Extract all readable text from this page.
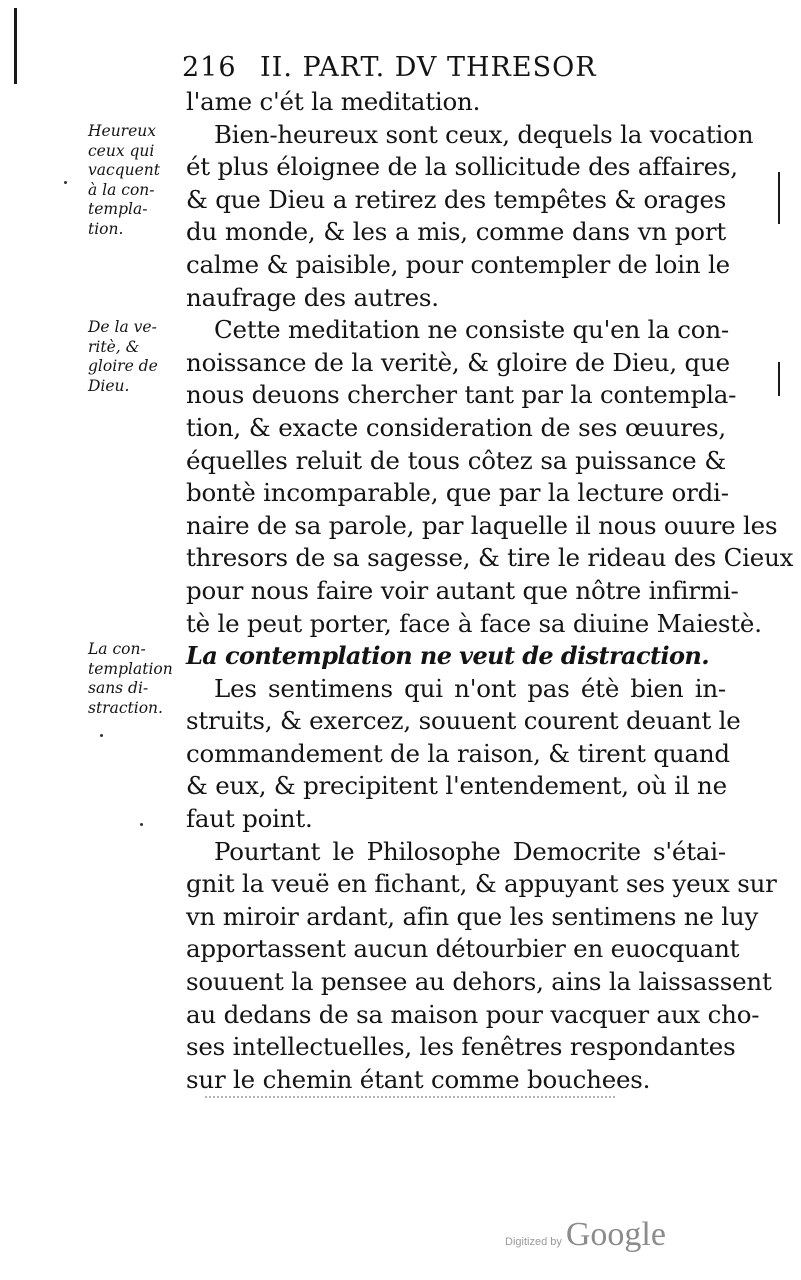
216 II. PART. DV THRESOR
Heureux
ceux qui
vacquent
à la con-
templa-
tion.
De la ve-
ritè, &
gloire de
Dieu.
La con-
templation
sans di-
straction.
l'ame c'ét la meditation.
Bien-heureux sont ceux, dequels la vocation
ét plus éloignee de la sollicitude des affaires,
& que Dieu a retirez des tempêtes & orages
du monde, & les a mis, comme dans vn port
calme & paisible, pour contempler de loin le
naufrage des autres.
Cette meditation ne consiste qu'en la con-
noissance de la veritè, & gloire de Dieu, que
nous deuons chercher tant par la contempla-
tion, & exacte consideration de ses œuures,
équelles reluit de tous côtez sa puissance &
bontè incomparable, que par la lecture ordi-
naire de sa parole, par laquelle il nous ouure les
thresors de sa sagesse, & tire le rideau des Cieux
pour nous faire voir autant que nôtre infirmi-
tè le peut porter, face à face sa diuine Maiestè.
La contemplation ne veut de distraction.
Les sentimens qui n'ont pas étè bien in-
struits, & exercez, souuent courent deuant le
commandement de la raison, & tirent quand
& eux, & precipitent l'entendement, où il ne
faut point.
Pourtant le Philosophe Democrite s'étai-
gnit la veuë en fichant, & appuyant ses yeux sur
vn miroir ardant, afin que les sentimens ne luy
apportassent aucun détourbier en euocquant
souuent la pensee au dehors, ains la laissassent
au dedans de sa maison pour vacquer aux cho-
ses intellectuelles, les fenêtres respondantes
sur le chemin étant comme bouchees.
Digitized by Google
